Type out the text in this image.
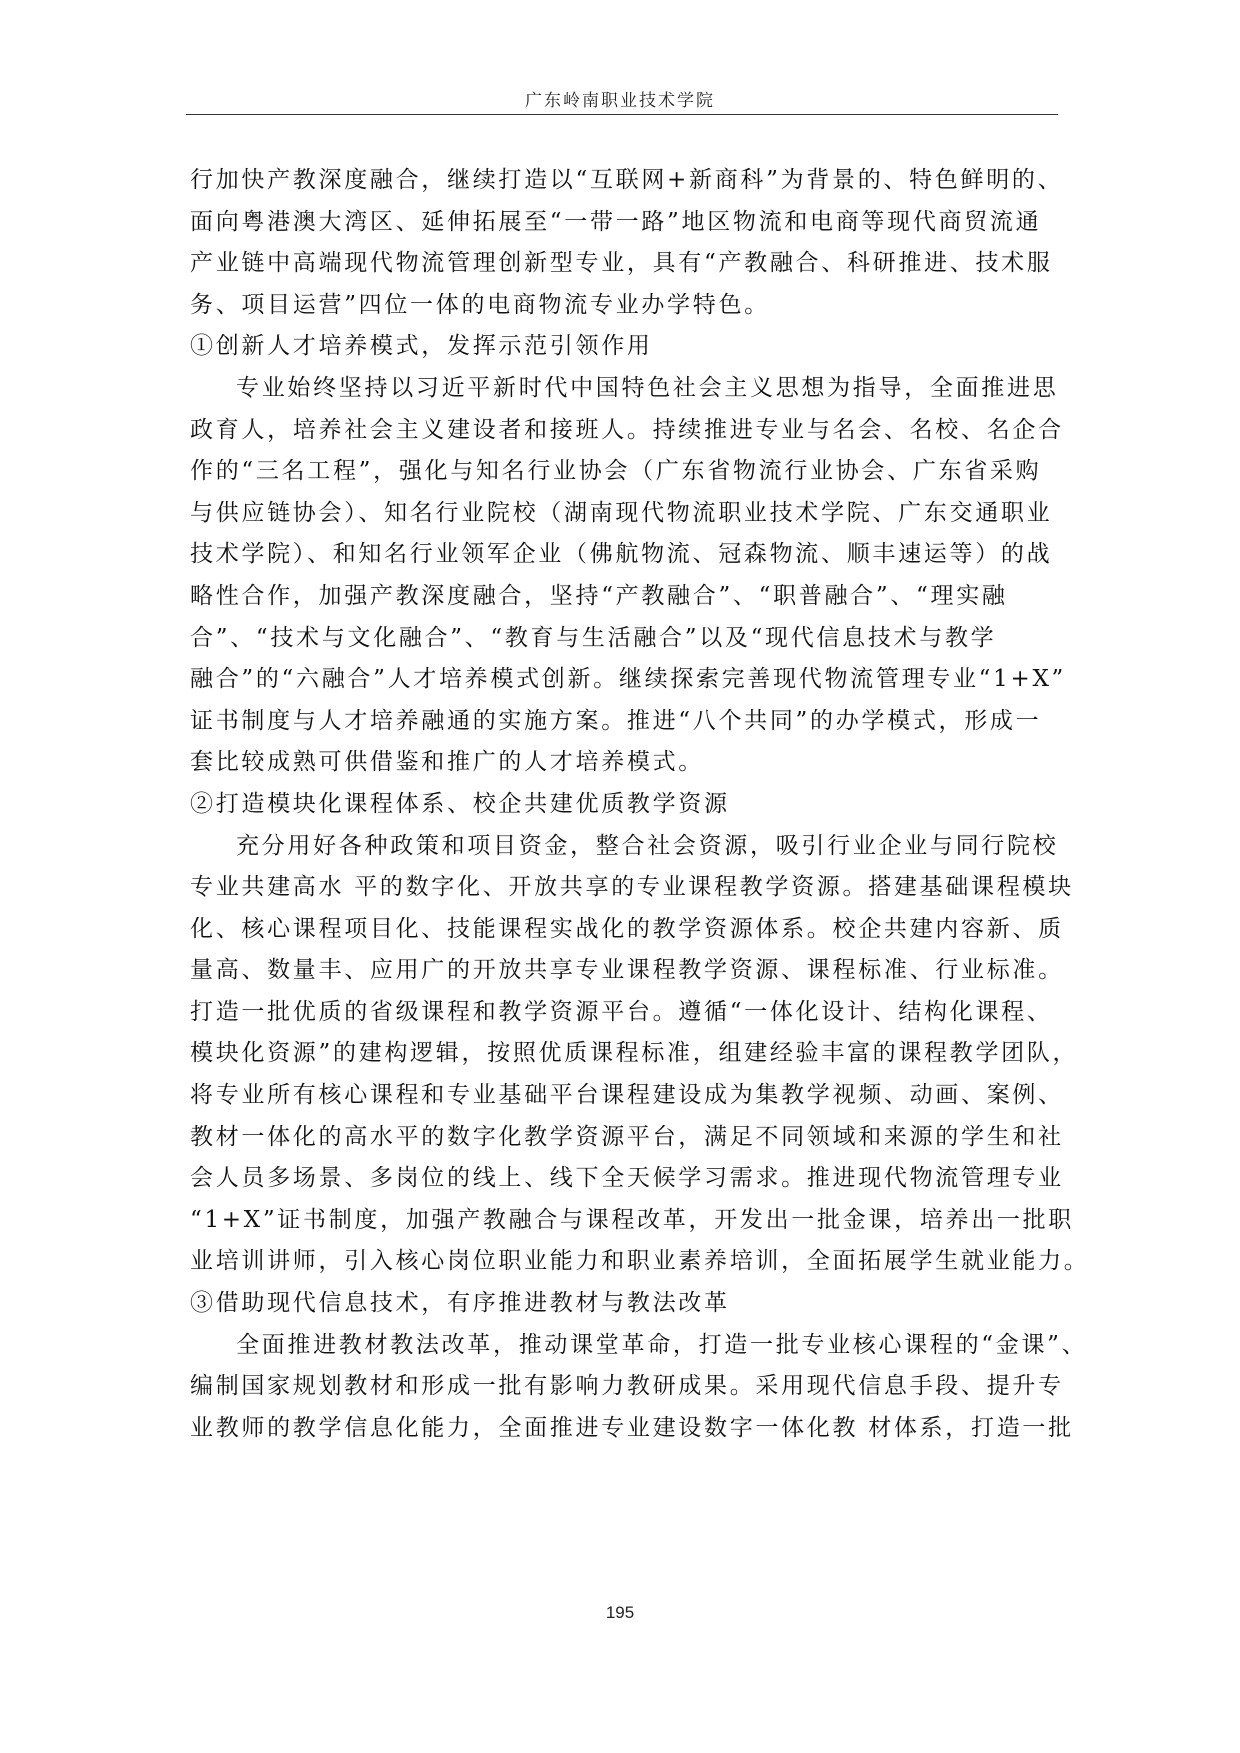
广东岭南职业技术学院
行加快产教深度融合，继续打造以“互联网+新商科”为背景的、特色鲜明的、
面向粤港澳大湾区、延伸拓展至“一带一路”地区物流和电商等现代商贸流通
产业链中高端现代物流管理创新型专业，具有“产教融合、科研推进、技术服
务、项目运营”四位一体的电商物流专业办学特色。
①创新人才培养模式，发挥示范引领作用
专业始终坚持以习近平新时代中国特色社会主义思想为指导，全面推进思
政育人，培养社会主义建设者和接班人。持续推进专业与名会、名校、名企合
作的“三名工程”，强化与知名行业协会（广东省物流行业协会、广东省采购
与供应链协会）、知名行业院校（湖南现代物流职业技术学院、广东交通职业
技术学院）、和知名行业领军企业（佛航物流、冠森物流、顺丰速运等）的战
略性合作，加强产教深度融合，坚持“产教融合”、“职普融合”、“理实融
合”、“技术与文化融合”、“教育与生活融合”以及“现代信息技术与教学
融合”的“六融合”人才培养模式创新。继续探索完善现代物流管理专业“1+X”
证书制度与人才培养融通的实施方案。推进“八个共同”的办学模式，形成一
套比较成熟可供借鉴和推广的人才培养模式。
②打造模块化课程体系、校企共建优质教学资源
充分用好各种政策和项目资金，整合社会资源，吸引行业企业与同行院校
专业共建高水 平的数字化、开放共享的专业课程教学资源。搭建基础课程模块
化、核心课程项目化、技能课程实战化的教学资源体系。校企共建内容新、质
量高、数量丰、应用广的开放共享专业课程教学资源、课程标准、行业标准。
打造一批优质的省级课程和教学资源平台。遵循“一体化设计、结构化课程、
模块化资源”的建构逻辑，按照优质课程标准，组建经验丰富的课程教学团队，
将专业所有核心课程和专业基础平台课程建设成为集教学视频、动画、案例、
教材一体化的高水平的数字化教学资源平台，满足不同领域和来源的学生和社
会人员多场景、多岗位的线上、线下全天候学习需求。推进现代物流管理专业
“1+X”证书制度，加强产教融合与课程改革，开发出一批金课，培养出一批职
业培训讲师，引入核心岗位职业能力和职业素养培训，全面拓展学生就业能力。
③借助现代信息技术，有序推进教材与教法改革
全面推进教材教法改革，推动课堂革命，打造一批专业核心课程的“金课”、
编制国家规划教材和形成一批有影响力教研成果。采用现代信息手段、提升专
业教师的教学信息化能力，全面推进专业建设数字一体化教 材体系，打造一批
195
